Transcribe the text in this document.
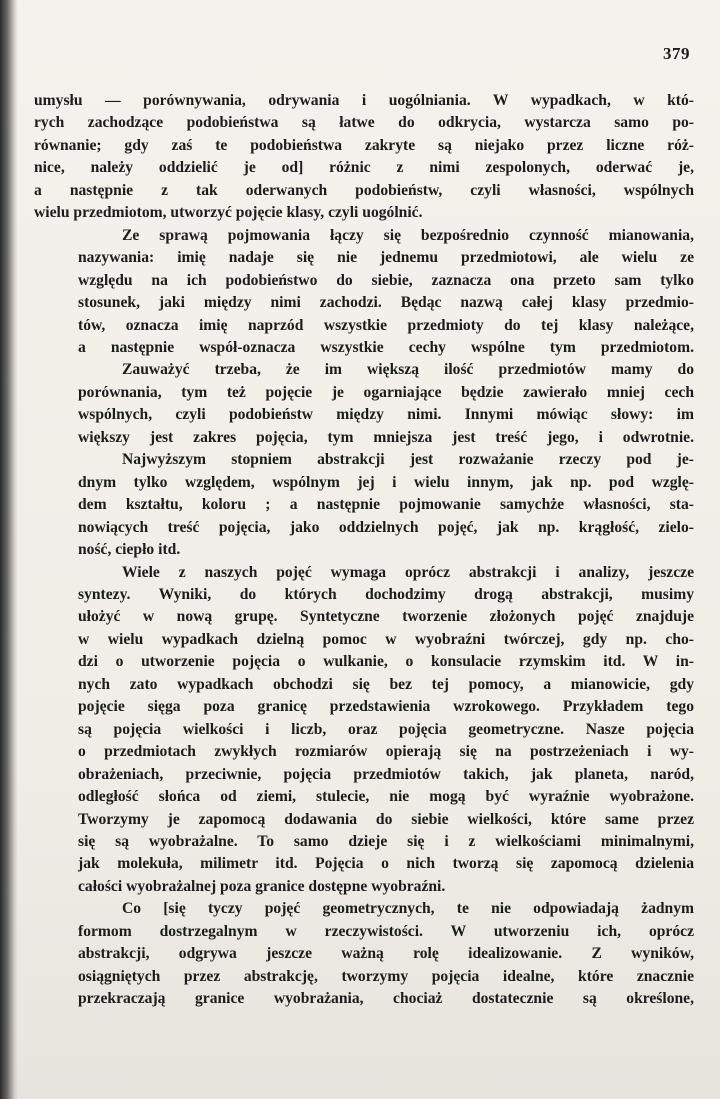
379

umysłu — porównywania, odrywania i uogólniania. W wypadkach, w któ-
rych zachodzące podobieństwa są łatwe do odkrycia, wystarcza samo po-
równanie; gdy zaś te podobieństwa zakryte są niejako przez liczne róż-
nice, należy oddzielić je od] różnic z nimi zespolonych, oderwać je,
a następnie z tak oderwanych podobieństw, czyli własności, wspólnych
wielu przedmiotom, utworzyć pojęcie klasy, czyli uogólnić.

Ze sprawą pojmowania łączy się bezpośrednio czynność mianowania,
nazywania: imię nadaje się nie jednemu przedmiotowi, ale wielu ze
względu na ich podobieństwo do siebie, zaznacza ona przeto sam tylko
stosunek, jaki między nimi zachodzi. Będąc nazwą całej klasy przedmio-
tów, oznacza imię naprzód wszystkie przedmioty do tej klasy należące,
a następnie współ-oznacza wszystkie cechy wspólne tym przedmiotom.

Zauważyć trzeba, że im większą ilość przedmiotów mamy do
porównania, tym też pojęcie je ogarniające będzie zawierało mniej cech
wspólnych, czyli podobieństw między nimi. Innymi mówiąc słowy: im
większy jest zakres pojęcia, tym mniejsza jest treść jego, i odwrotnie.

Najwyższym stopniem abstrakcji jest rozważanie rzeczy pod je-
dnym tylko względem, wspólnym jej i wielu innym, jak np. pod wzglę-
dem kształtu, koloru ; a następnie pojmowanie samychże własności, sta-
nowiących treść pojęcia, jako oddzielnych pojęć, jak np. krągłość, zielo-
ność, ciepło itd.

Wiele z naszych pojęć wymaga oprócz abstrakcji i analizy, jeszcze
syntezy. Wyniki, do których dochodzimy drogą abstrakcji, musimy
ułożyć w nową grupę. Syntetyczne tworzenie złożonych pojęć znajduje
w wielu wypadkach dzielną pomoc w wyobraźni twórczej, gdy np. cho-
dzi o utworzenie pojęcia o wulkanie, o konsulacie rzymskim itd. W in-
nych zato wypadkach obchodzi się bez tej pomocy, a mianowicie, gdy
pojęcie sięga poza granicę przedstawienia wzrokowego. Przykładem tego
są pojęcia wielkości i liczb, oraz pojęcia geometryczne. Nasze pojęcia
o przedmiotach zwykłych rozmiarów opierają się na postrzeżeniach i wy-
obrażeniach, przeciwnie, pojęcia przedmiotów takich, jak planeta, naród,
odległość słońca od ziemi, stulecie, nie mogą być wyraźnie wyobrażone.
Tworzymy je zapomocą dodawania do siebie wielkości, które same przez
się są wyobrażalne. To samo dzieje się i z wielkościami minimalnymi,
jak molekuła, milimetr itd. Pojęcia o nich tworzą się zapomocą dzielenia
całości wyobrażalnej poza granice dostępne wyobraźni.

Co [się tyczy pojęć geometrycznych, te nie odpowiadają żadnym
formom dostrzegalnym w rzeczywistości. W utworzeniu ich, oprócz
abstrakcji, odgrywa jeszcze ważną rolę idealizowanie. Z wyników,
osiągniętych przez abstrakcję, tworzymy pojęcia idealne, które znacznie
przekraczają granice wyobrażania, chociaż dostatecznie są określone,
